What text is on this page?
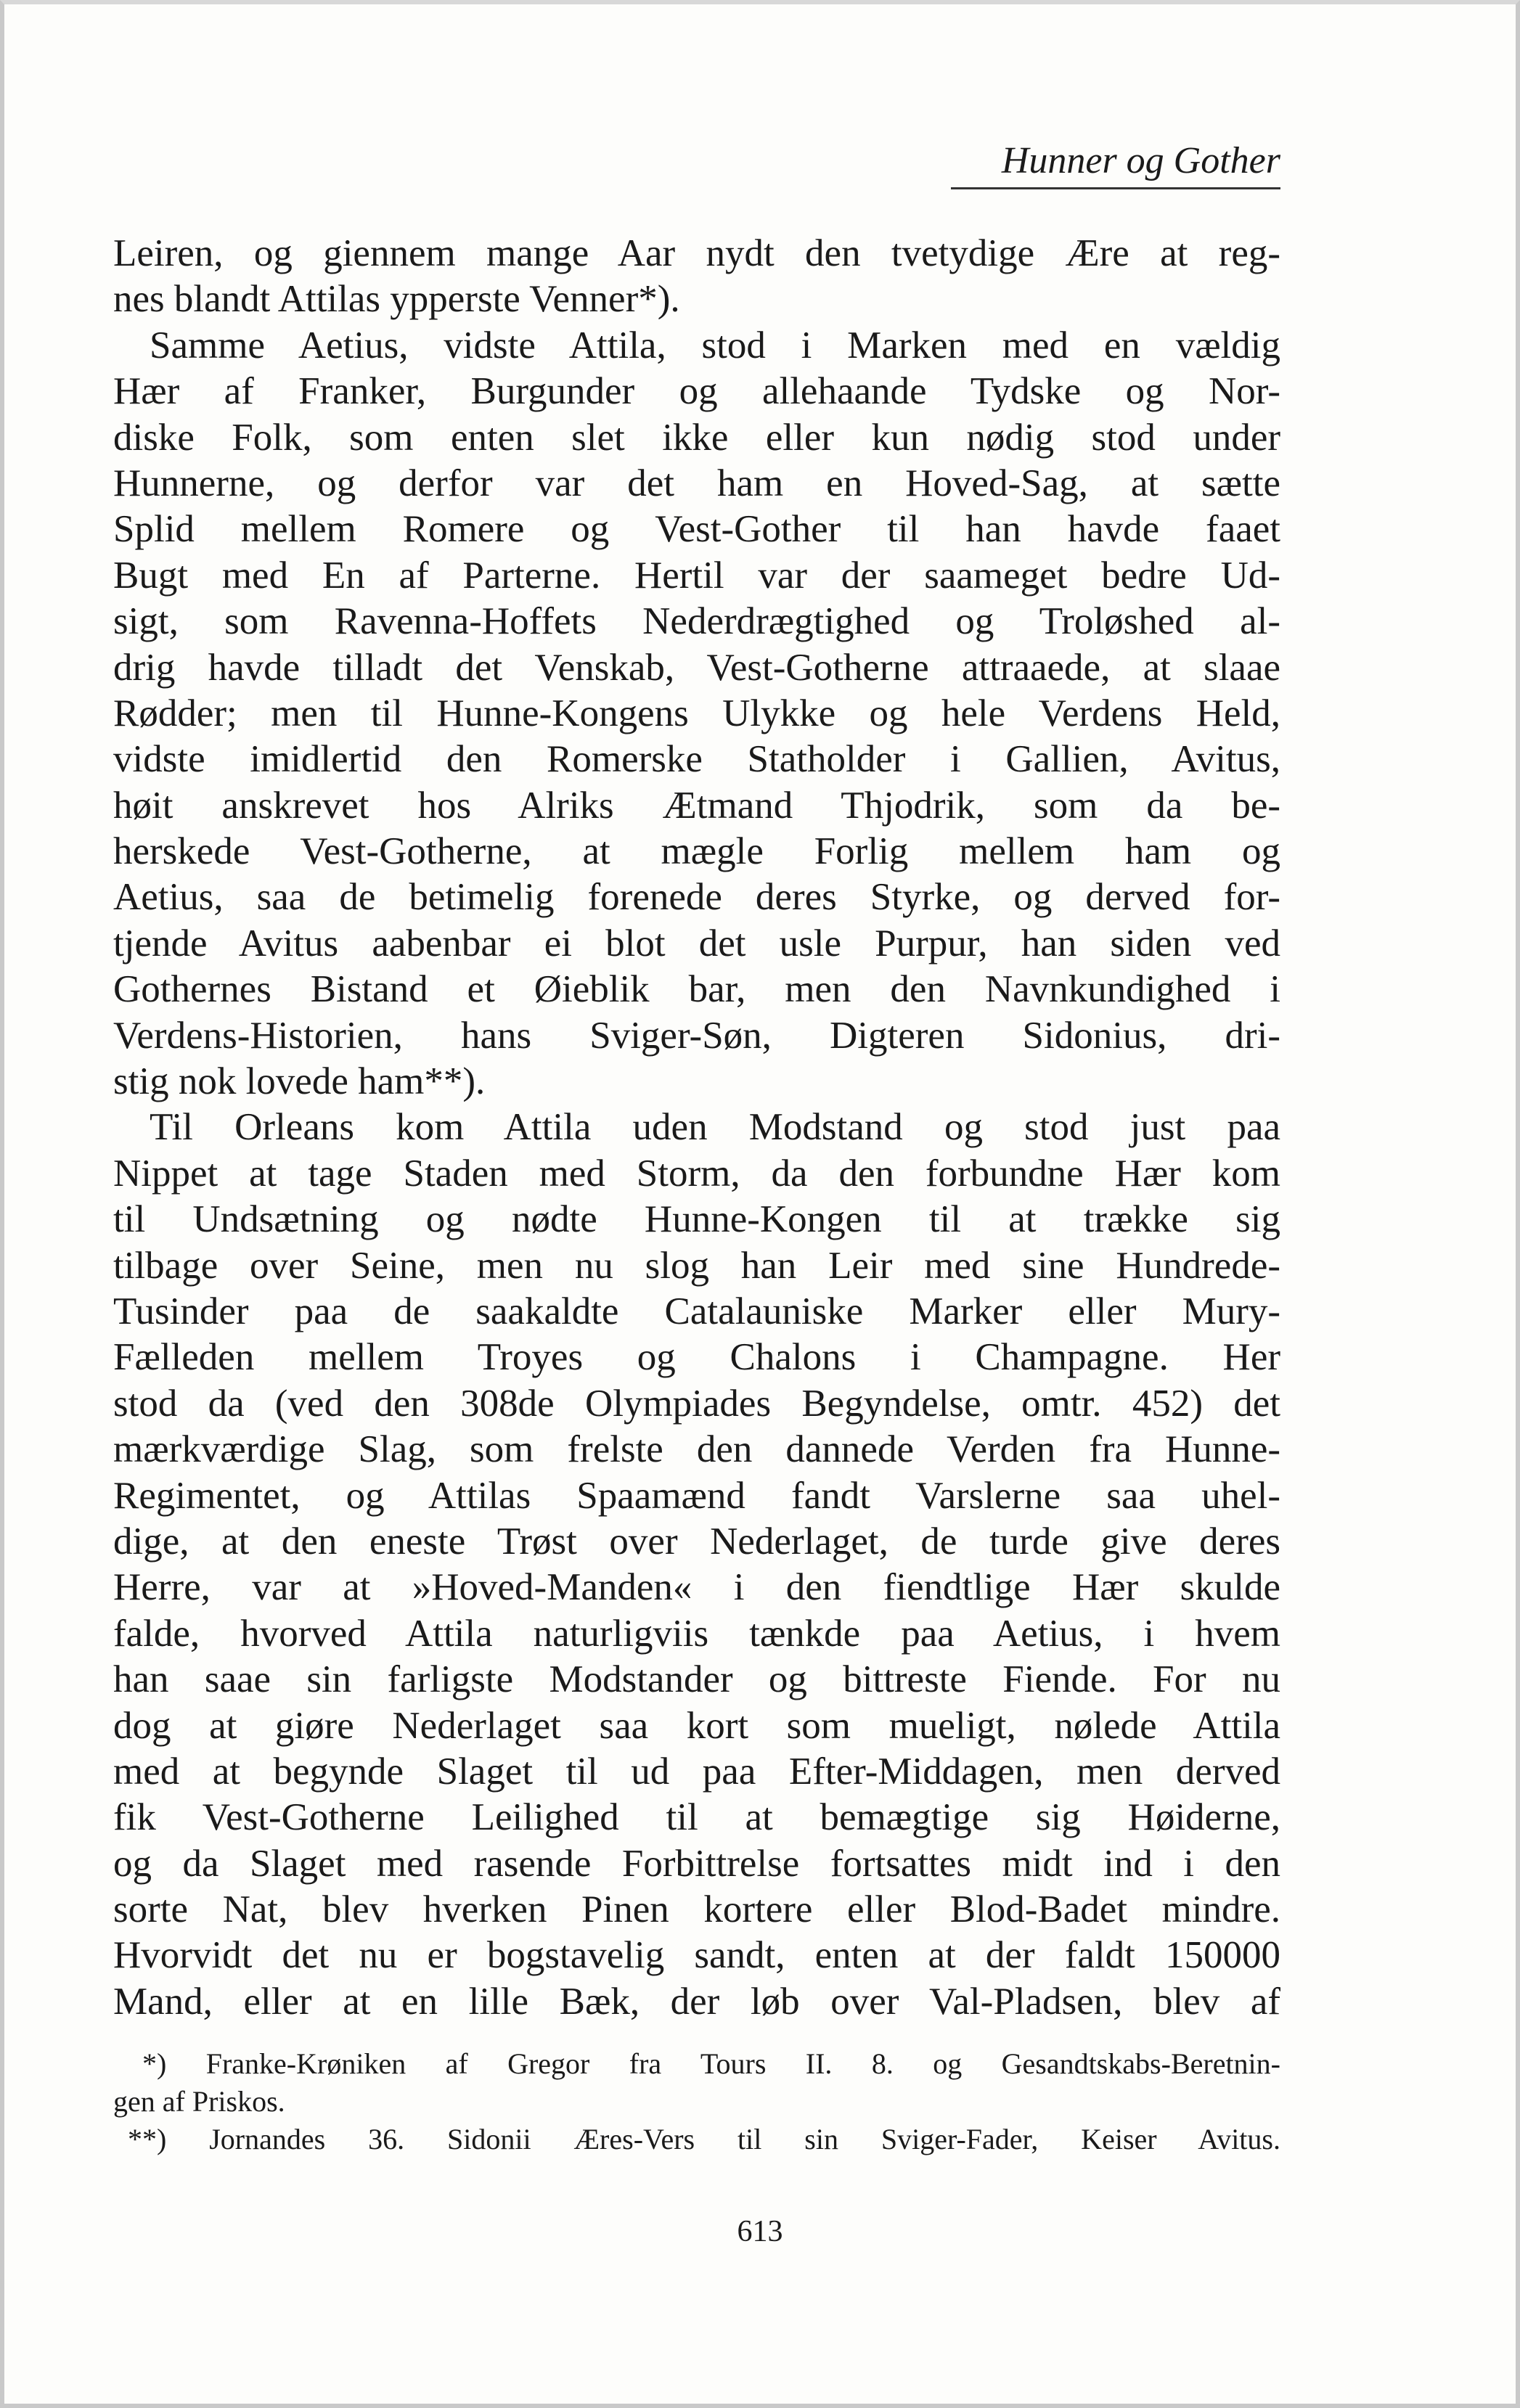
Hunner og Gother
Leiren, og giennem mange Aar nydt den tvetydige Ære at reg-
nes blandt Attilas ypperste Venner*).
Samme Aetius, vidste Attila, stod i Marken med en vældig
Hær af Franker, Burgunder og allehaande Tydske og Nor-
diske Folk, som enten slet ikke eller kun nødig stod under
Hunnerne, og derfor var det ham en Hoved-Sag, at sætte
Splid mellem Romere og Vest-Gother til han havde faaet
Bugt med En af Parterne. Hertil var der saameget bedre Ud-
sigt, som Ravenna-Hoffets Nederdrægtighed og Troløshed al-
drig havde tilladt det Venskab, Vest-Gotherne attraaede, at slaae
Rødder; men til Hunne-Kongens Ulykke og hele Verdens Held,
vidste imidlertid den Romerske Statholder i Gallien, Avitus,
høit anskrevet hos Alriks Ætmand Thjodrik, som da be-
herskede Vest-Gotherne, at mægle Forlig mellem ham og
Aetius, saa de betimelig forenede deres Styrke, og derved for-
tjende Avitus aabenbar ei blot det usle Purpur, han siden ved
Gothernes Bistand et Øieblik bar, men den Navnkundighed i
Verdens-Historien, hans Sviger-Søn, Digteren Sidonius, dri-
stig nok lovede ham**).
Til Orleans kom Attila uden Modstand og stod just paa
Nippet at tage Staden med Storm, da den forbundne Hær kom
til Undsætning og nødte Hunne-Kongen til at trække sig
tilbage over Seine, men nu slog han Leir med sine Hundrede-
Tusinder paa de saakaldte Catalauniske Marker eller Mury-
Fælleden mellem Troyes og Chalons i Champagne. Her
stod da (ved den 308de Olympiades Begyndelse, omtr. 452) det
mærkværdige Slag, som frelste den dannede Verden fra Hunne-
Regimentet, og Attilas Spaamænd fandt Varslerne saa uhel-
dige, at den eneste Trøst over Nederlaget, de turde give deres
Herre, var at »Hoved-Manden« i den fiendtlige Hær skulde
falde, hvorved Attila naturligviis tænkde paa Aetius, i hvem
han saae sin farligste Modstander og bittreste Fiende. For nu
dog at giøre Nederlaget saa kort som mueligt, nølede Attila
med at begynde Slaget til ud paa Efter-Middagen, men derved
fik Vest-Gotherne Leilighed til at bemægtige sig Høiderne,
og da Slaget med rasende Forbittrelse fortsattes midt ind i den
sorte Nat, blev hverken Pinen kortere eller Blod-Badet mindre.
Hvorvidt det nu er bogstavelig sandt, enten at der faldt 150000
Mand, eller at en lille Bæk, der løb over Val-Pladsen, blev af
*) Franke-Krøniken af Gregor fra Tours II. 8. og Gesandtskabs-Beretnin-
gen af Priskos.
**) Jornandes 36. Sidonii Æres-Vers til sin Sviger-Fader, Keiser Avitus.
613
